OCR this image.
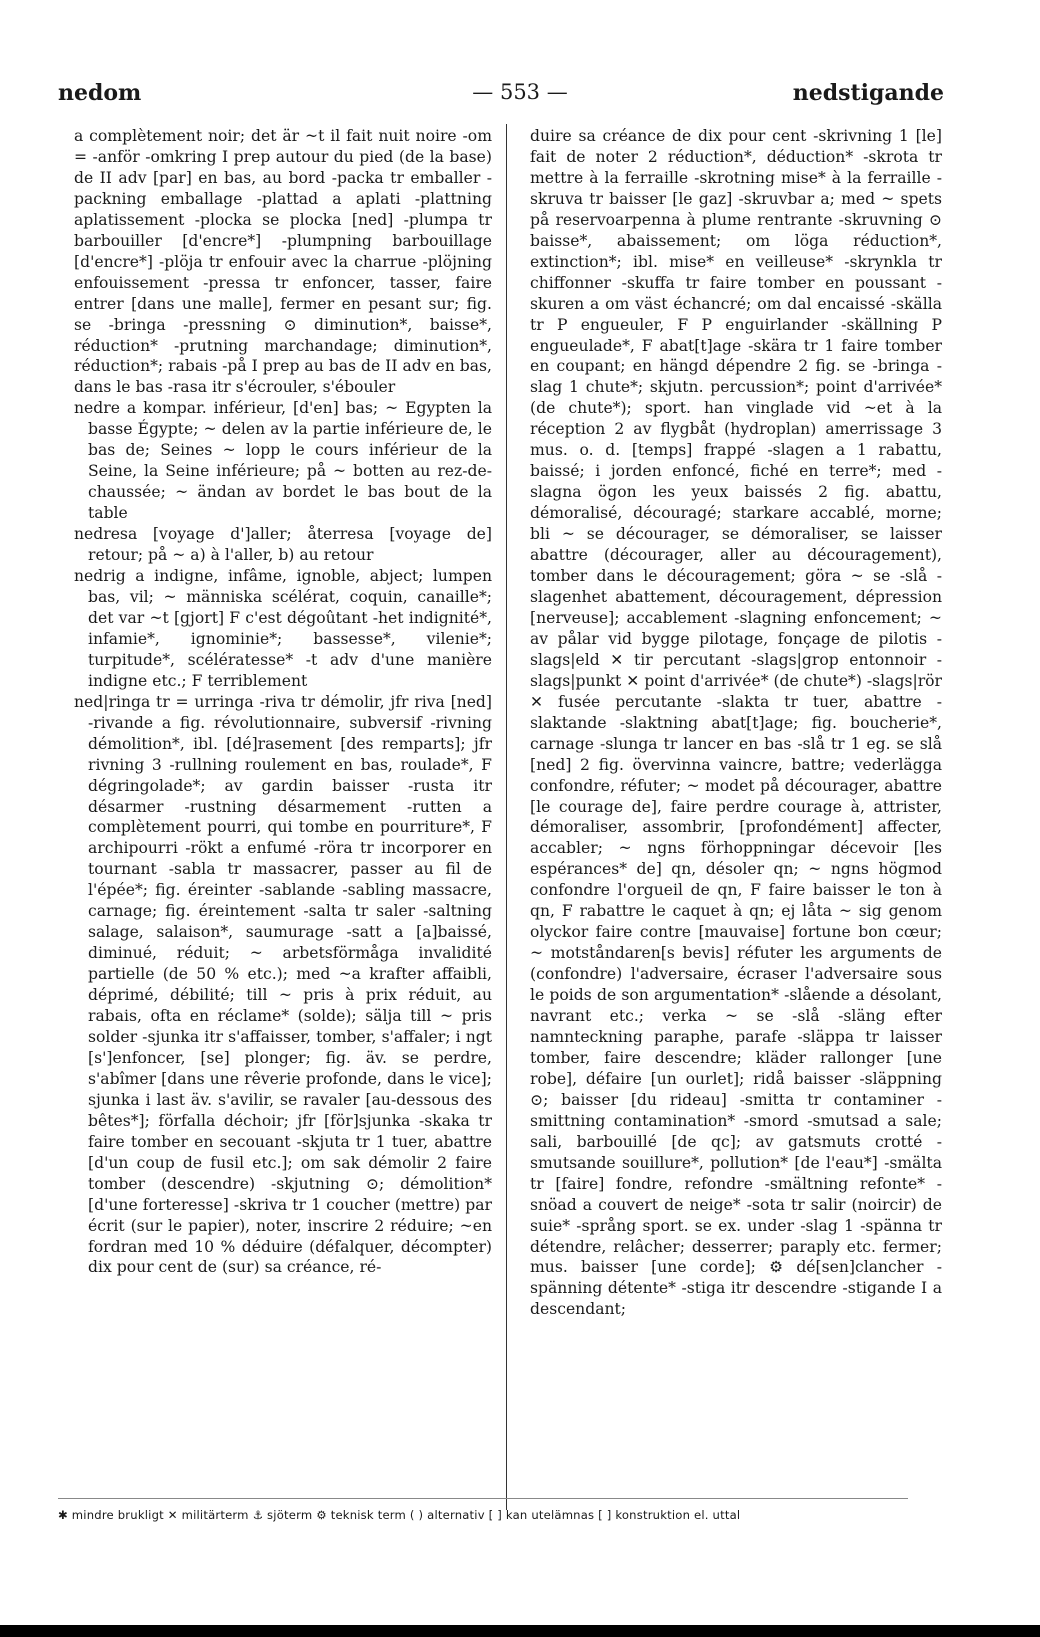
nedom	— 553 —	nedstigande

a complètement noir; det är ~t il fait nuit noire -om = -anför -omkring I prep autour du pied (de la base) de II adv [par] en bas, au bord -packa tr emballer -packning emballage -plattad a aplati -plattning aplatissement -plocka se plocka [ned] -plumpa tr barbouiller [d'encre*] -plumpning barbouillage [d'encre*] -plöja tr enfouir avec la charrue -plöjning enfouissement -pressa tr enfoncer, tasser, faire entrer [dans une malle], fermer en pesant sur; fig. se -bringa -pressning ⊙ diminution*, baisse*, réduction* -prutning marchandage; diminution*, réduction*; rabais -på I prep au bas de II adv en bas, dans le bas -rasa itr s'écrouler, s'ébouler

nedre a kompar. inférieur, [d'en] bas; ~ Egypten la basse Égypte; ~ delen av la partie inférieure de, le bas de; Seines ~ lopp le cours inférieur de la Seine, la Seine inférieure; på ~ botten au rez-de-chaussée; ~ ändan av bordet le bas bout de la table

nedresa [voyage d']aller; återresa [voyage de] retour; på ~ a) à l'aller, b) au retour

nedrig a indigne, infâme, ignoble, abject; lumpen bas, vil; ~ människa scélérat, coquin, canaille*; det var ~t [gjort] F c'est dégoûtant -het indignité*, infamie*, ignominie*; bassesse*, vilenie*; turpitude*, scélératesse* -t adv d'une manière indigne etc.; F terriblement

ned|ringa tr = urringa -riva tr démolir, jfr riva [ned] -rivande a fig. révolutionnaire, subversif -rivning démolition*, ibl. [dé]rasement [des remparts]; jfr rivning 3 -rullning roulement en bas, roulade*, F dégringolade*; av gardin baisser -rusta itr désarmer -rustning désarmement -rutten a complètement pourri, qui tombe en pourriture*, F archipourri -rökt a enfumé -röra tr incorporer en tournant -sabla tr massacrer, passer au fil de l'épée*; fig. éreinter -sablande -sabling massacre, carnage; fig. éreintement -salta tr saler -saltning salage, salaison*, saumurage -satt a [a]baissé, diminué, réduit; ~ arbetsförmåga invalidité partielle (de 50 % etc.); med ~a krafter affaibli, déprimé, débilité; till ~ pris à prix réduit, au rabais, ofta en réclame* (solde); sälja till ~ pris solder -sjunka itr s'affaisser, tomber, s'affaler; i ngt [s']enfoncer, [se] plonger; fig. äv. se perdre, s'abîmer [dans une rêverie profonde, dans le vice]; sjunka i last äv. s'avilir, se ravaler [au-dessous des bêtes*]; förfalla déchoir; jfr [för]sjunka -skaka tr faire tomber en secouant -skjuta tr 1 tuer, abattre [d'un coup de fusil etc.]; om sak démolir 2 faire tomber (descendre) -skjutning ⊙; démolition* [d'une forteresse] -skriva tr 1 coucher (mettre) par écrit (sur le papier), noter, inscrire 2 réduire; ~en fordran med 10 % déduire (défalquer, décompter) dix pour cent de (sur) sa créance, ré-

duire sa créance de dix pour cent -skrivning 1 [le] fait de noter 2 réduction*, déduction* -skrota tr mettre à la ferraille -skrotning mise* à la ferraille -skruva tr baisser [le gaz] -skruvbar a; med ~ spets på reservoarpenna à plume rentrante -skruvning ⊙ baisse*, abaissement; om löga réduction*, extinction*; ibl. mise* en veilleuse* -skrynkla tr chiffonner -skuffa tr faire tomber en poussant -skuren a om väst échancré; om dal encaissé -skälla tr P engueuler, F P enguirlander -skällning P engueulade*, F abat[t]age -skära tr 1 faire tomber en coupant; en hängd dépendre 2 fig. se -bringa -slag 1 chute*; skjutn. percussion*; point d'arrivée* (de chute*); sport. han vinglade vid ~et à la réception 2 av flygbåt (hydroplan) amerrissage 3 mus. o. d. [temps] frappé -slagen a 1 rabattu, baissé; i jorden enfoncé, fiché en terre*; med -slagna ögon les yeux baissés 2 fig. abattu, démoralisé, découragé; starkare accablé, morne; bli ~ se décourager, se démoraliser, se laisser abattre (décourager, aller au découragement), tomber dans le découragement; göra ~ se -slå -slagenhet abattement, découragement, dépression [nerveuse]; accablement -slagning enfoncement; ~ av pålar vid bygge pilotage, fonçage de pilotis -slags|eld ✕ tir percutant -slags|grop entonnoir -slags|punkt ✕ point d'arrivée* (de chute*) -slags|rör ✕ fusée percutante -slakta tr tuer, abattre -slaktande -slaktning abat[t]age; fig. boucherie*, carnage -slunga tr lancer en bas -slå tr 1 eg. se slå [ned] 2 fig. övervinna vaincre, battre; vederlägga confondre, réfuter; ~ modet på décourager, abattre [le courage de], faire perdre courage à, attrister, démoraliser, assombrir, [profondément] affecter, accabler; ~ ngns förhoppningar décevoir [les espérances* de] qn, désoler qn; ~ ngns högmod confondre l'orgueil de qn, F faire baisser le ton à qn, F rabattre le caquet à qn; ej låta ~ sig genom olyckor faire contre [mauvaise] fortune bon cœur; ~ motståndaren[s bevis] réfuter les arguments de (confondre) l'adversaire, écraser l'adversaire sous le poids de son argumentation* -slående a désolant, navrant etc.; verka ~ se -slå -släng efter namnteckning paraphe, parafe -släppa tr laisser tomber, faire descendre; kläder rallonger [une robe], défaire [un ourlet]; ridå baisser -släppning ⊙; baisser [du rideau] -smitta tr contaminer -smittning contamination* -smord -smutsad a sale; sali, barbouillé [de qc]; av gatsmuts crotté -smutsande souillure*, pollution* [de l'eau*] -smälta tr [faire] fondre, refondre -smältning refonte* -snöad a couvert de neige* -sota tr salir (noircir) de suie* -språng sport. se ex. under -slag 1 -spänna tr détendre, relâcher; desserrer; paraply etc. fermer; mus. baisser [une corde]; ⚙ dé[sen]clancher -spänning détente* -stiga itr descendre -stigande I a descendant;

✱ mindre brukligt ✕ militärterm ⚓ sjöterm ⚙ teknisk term ( ) alternativ [ ] kan utelämnas [ ] konstruktion el. uttal
